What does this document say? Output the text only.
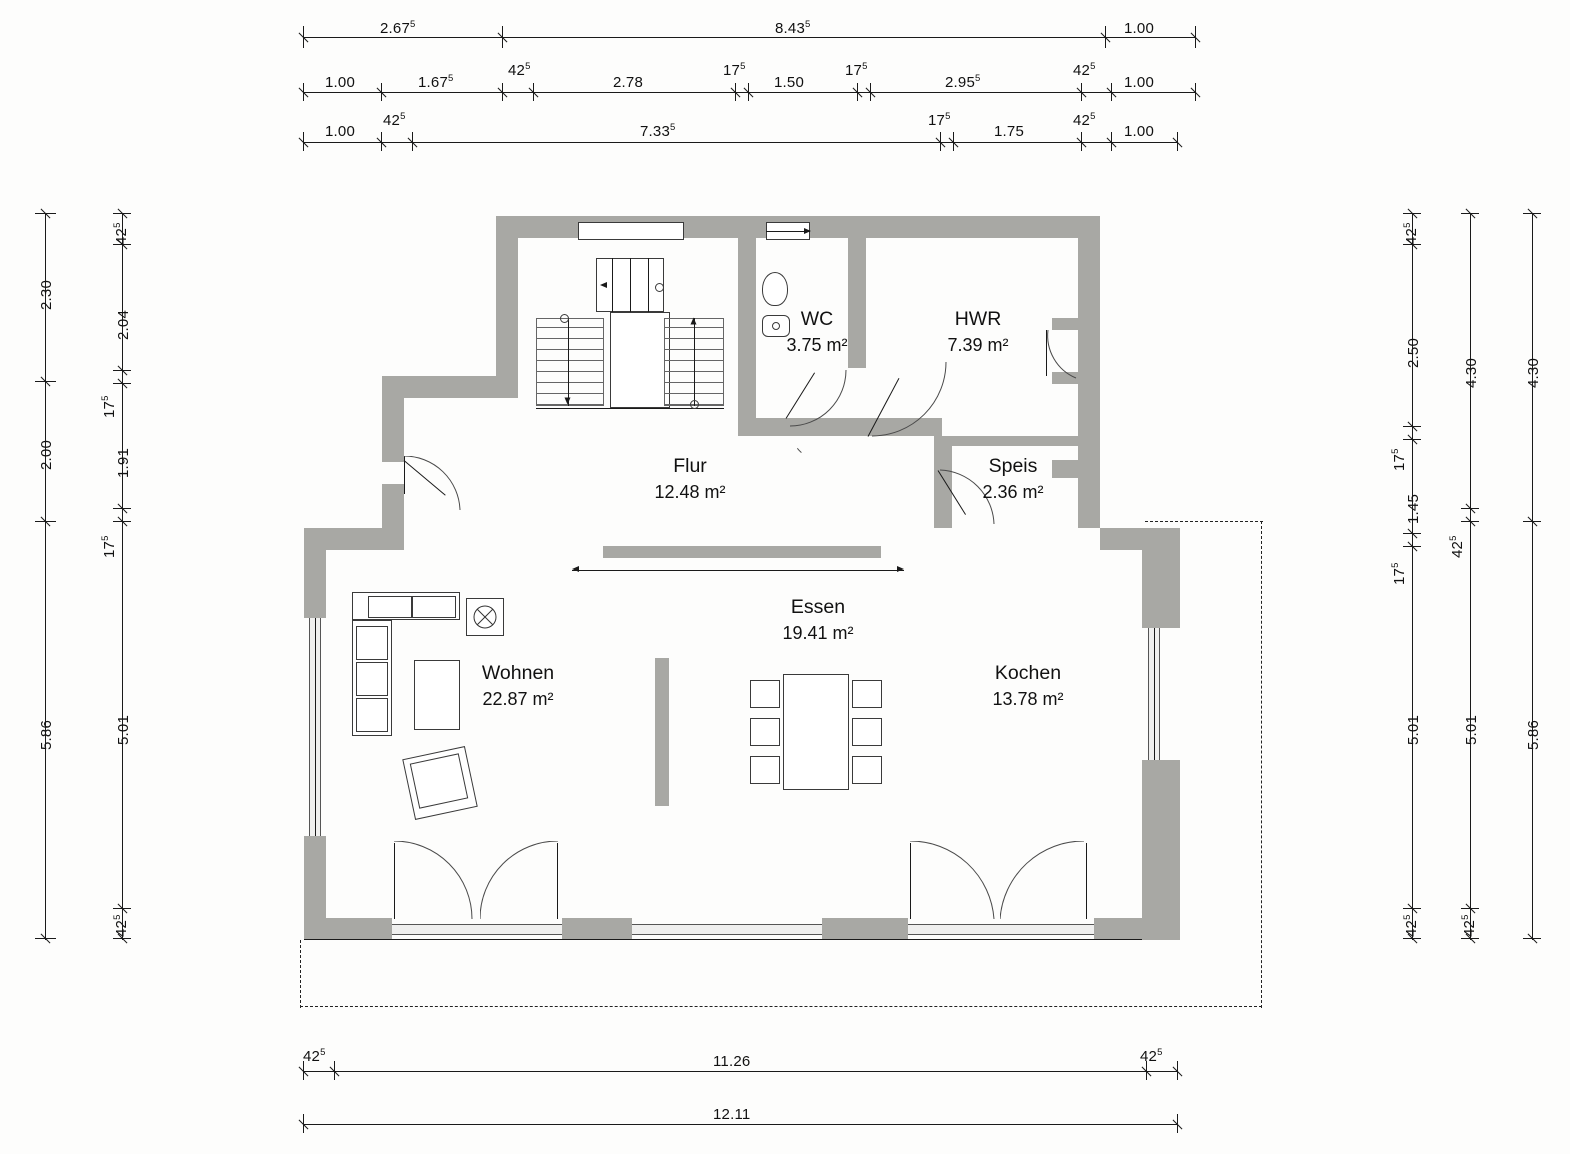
2.67$^5$	8.43$^5$	1.00
1.00	1.67$^5$	$42^5$
2.78
$17^5$
1.50
$17^5$
2.95$^5$	$42^5$
1.00
1.00
$42^5$
7.33$^5$	$17^5$
1.75
$42^5$
1.00
2.30
2.00
5.86
$42^5$
2.04
$17^5$
1.91
$17^5$
5.01
$42^5$
$42^5$
2.50
$17^5$
1.45
$17^5$
5.01
$42^5$
4.30
$42^5$
5.01
$42^5$
4.30
5.86
$42^5$
11.26	$42^5$
12.11
WC
3.75 m²
HWR
7.39 m²
Flur
12.48 m²
Speis
2.36 m²
Wohnen
22.87 m²
Essen
19.41 m²
Kochen
13.78 m²
